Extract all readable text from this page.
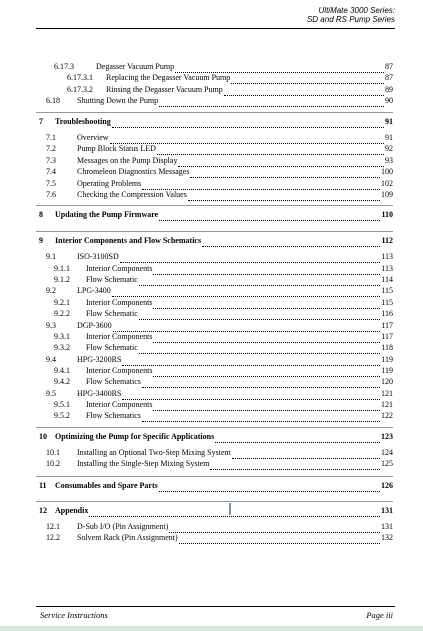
UltiMate 3000 Series:
SD and RS Pump Series
6.17.3	Degasser Vacuum Pump	87
6.17.3.1 Replacing the Degasser Vacuum Pump	87
6.17.3.2 Rinsing the Degasser Vacuum Pump	89
6.18 Shutting Down the Pump	90
7 Troubleshooting	91
7.1	Overview	91
7.2	Pump Block Status LED	92
7.3	Messages on the Pump Display	93
7.4	Chromeleon Diagnostics Messages	100
7.5	Operating Problems	102
7.6	Checking the Compression Values	109
8 Updating the Pump Firmware	110
9 Interior Components and Flow Schematics	112
9.1	ISO-3100SD	113
9.1.1 Interior Components	113
9.1.2 Flow Schematic	114
9.2	LPG-3400	115
9.2.1 Interior Components	115
9.2.2 Flow Schematic	116
9.3	DGP-3600	117
9.3.1 Interior Components	117
9.3.2 Flow Schematic	118
9.4	HPG-3200RS	119
9.4.1 Interior Components	119
9.4.2 Flow Schematics	120
9.5	HPG-3400RS	121
9.5.1 Interior Components	121
9.5.2 Flow Schematics	122
10 Optimizing the Pump for Specific Applications	123
10.1 Installing an Optional Two-Step Mixing System	124
10.2 Installing the Single-Step Mixing System	125
11 Consumables and Spare Parts	126
12 Appendix	131
12.1 D-Sub I/O (Pin Assignment)	131
12.2 Solvent Rack (Pin Assignment)	132
Service Instructions	Page iii
